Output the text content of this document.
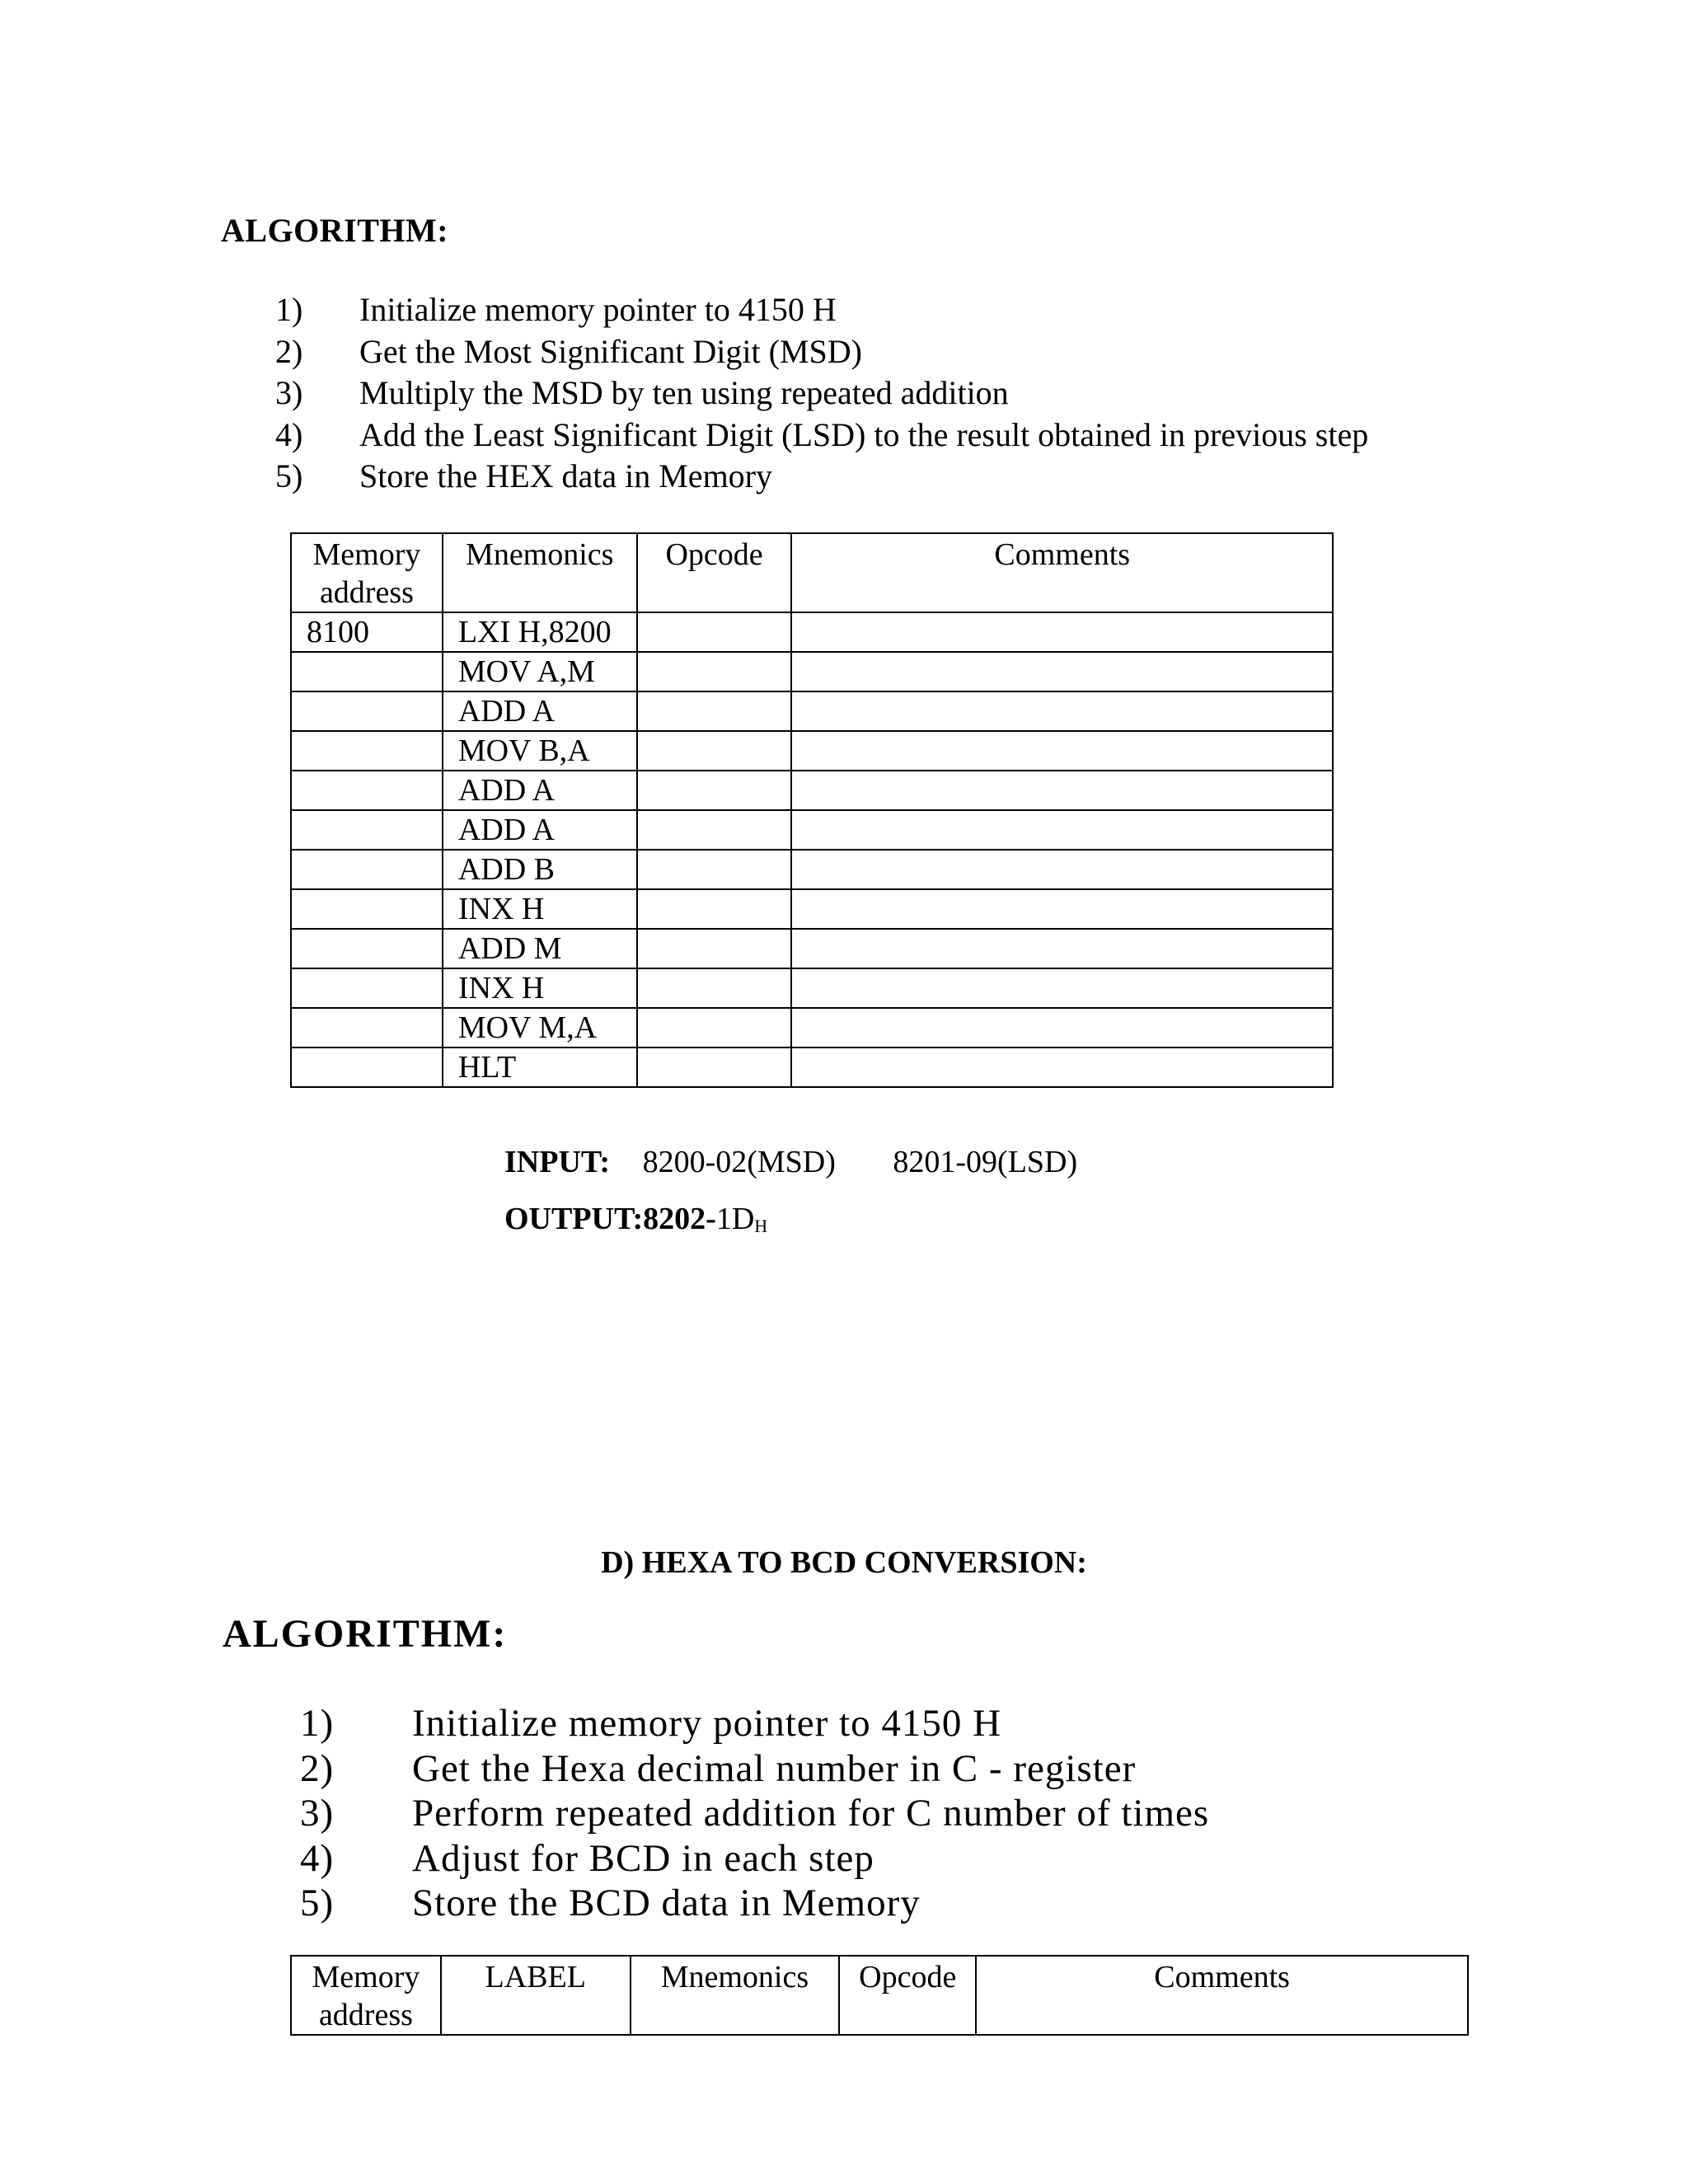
ALGORITHM:
1) Initialize memory pointer to 4150 H
2) Get the Most Significant Digit (MSD)
3) Multiply the MSD by ten using repeated addition
4) Add the Least Significant Digit (LSD) to the result obtained in previous step
5) Store the HEX data in Memory
Memory address	Mnemonics	Opcode	Comments
8100	LXI H,8200		
	MOV A,M		
	ADD A		
	MOV B,A		
	ADD A		
	ADD A		
	ADD B		
	INX H		
	ADD M		
	INX H		
	MOV M,A		
	HLT		
INPUT: 8200-02(MSD) 8201-09(LSD)
$OUTPUT:8202-1D_H$
D) HEXA TO BCD CONVERSION:
ALGORITHM:
1) Initialize memory pointer to 4150 H
2) Get the Hexa decimal number in C - register
3) Perform repeated addition for C number of times
4) Adjust for BCD in each step
5) Store the BCD data in Memory
Memory address	LABEL	Mnemonics	Opcode	Comments
